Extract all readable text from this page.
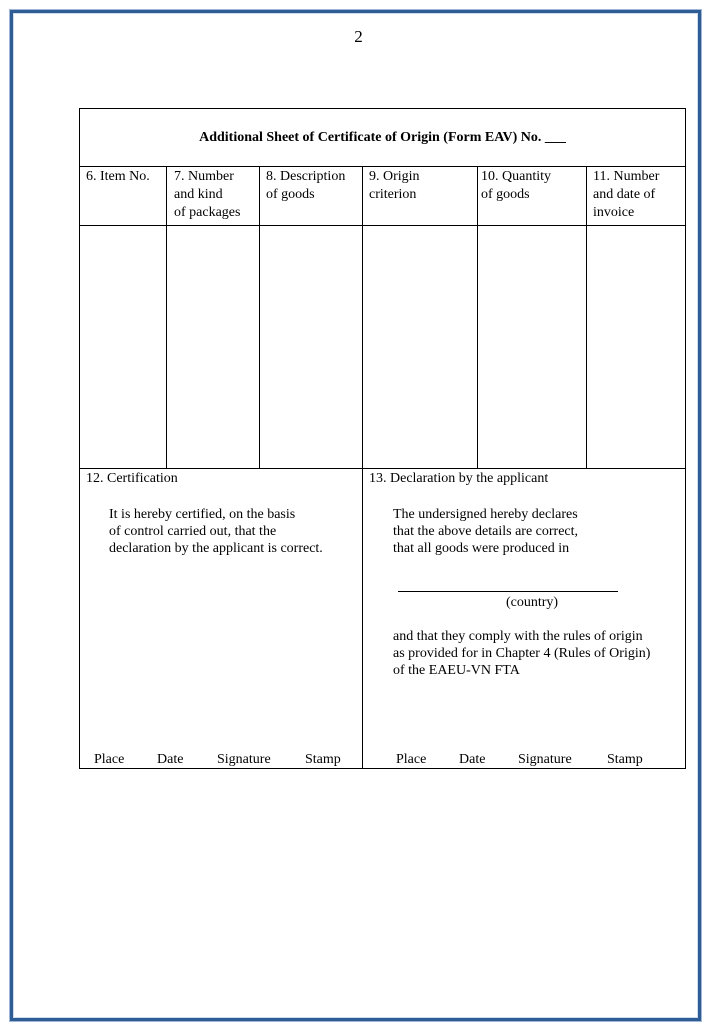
2
Additional Sheet of Certificate of Origin (Form EAV) No. ___
6. Item No. 7. Number
and kind
of packages
8. Description
of goods
9. Origin
criterion
10. Quantity
of goods
11. Number
and date of
invoice
12. Certification
It is hereby certified, on the basis
of control carried out, that the
declaration by the applicant is correct.
Place Date Signature Stamp
13. Declaration by the applicant
The undersigned hereby declares
that the above details are correct,
that all goods were produced in
(country)
and that they comply with the rules of origin
as provided for in Chapter 4 (Rules of Origin)
of the EAEU-VN FTA
Place Date Signature	Stamp
